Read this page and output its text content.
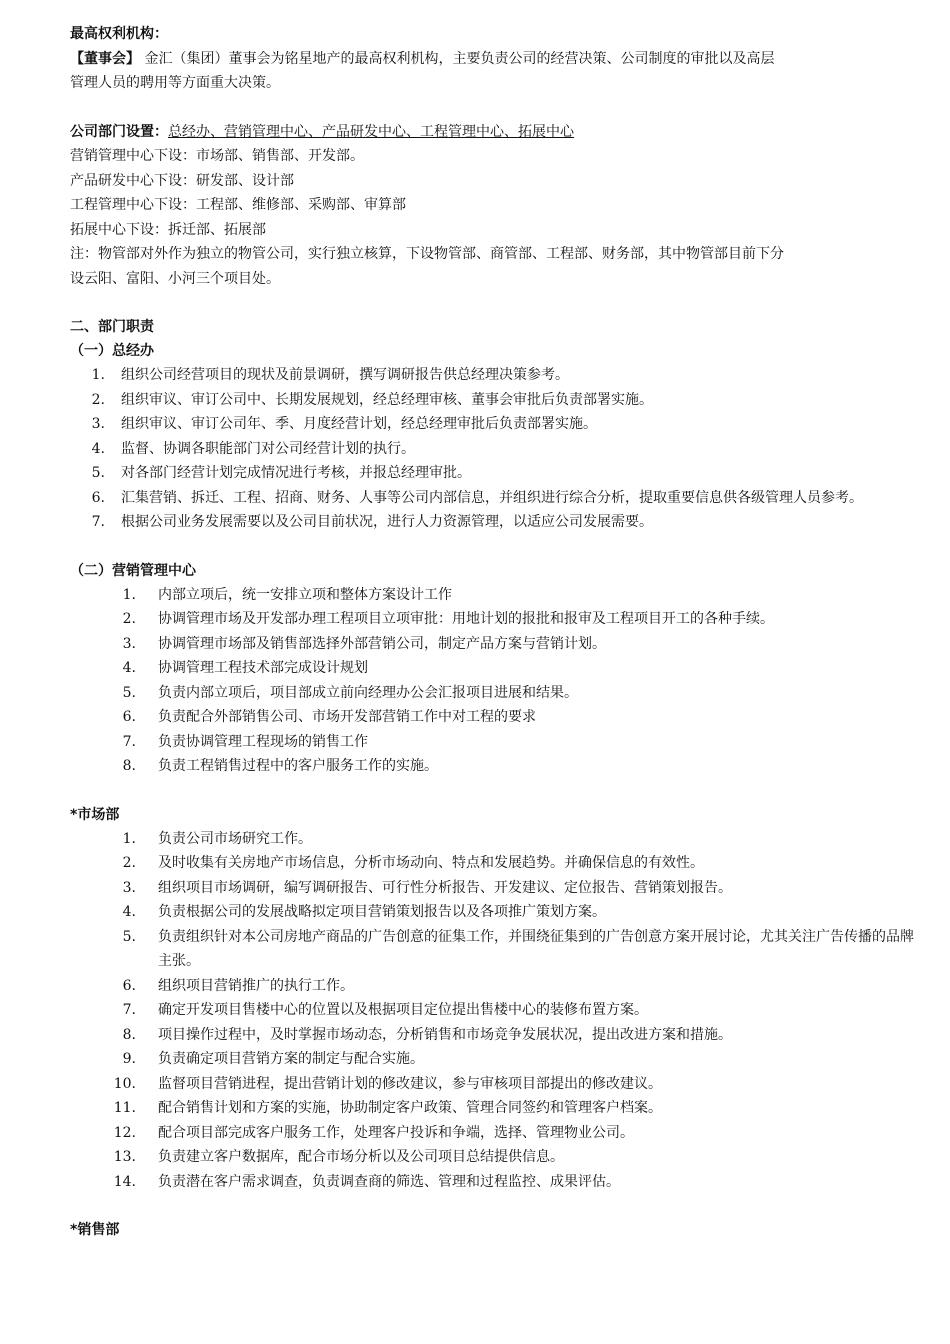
最高权利机构：
【董事会】 金汇（集团）董事会为铭星地产的最高权利机构，主要负责公司的经营决策、公司制度的审批以及高层
管理人员的聘用等方面重大决策。
公司部门设置：总经办、营销管理中心、产品研发中心、工程管理中心、拓展中心
营销管理中心下设：市场部、销售部、开发部。
产品研发中心下设：研发部、设计部
工程管理中心下设：工程部、维修部、采购部、审算部
拓展中心下设：拆迁部、拓展部
注：物管部对外作为独立的物管公司，实行独立核算，下设物管部、商管部、工程部、财务部，其中物管部目前下分
设云阳、富阳、小河三个项目处。
二、部门职责
（一）总经办
1.	组织公司经营项目的现状及前景调研，撰写调研报告供总经理决策参考。
2.	组织审议、审订公司中、长期发展规划，经总经理审核、董事会审批后负责部署实施。
3.	组织审议、审订公司年、季、月度经营计划，经总经理审批后负责部署实施。
4.	监督、协调各职能部门对公司经营计划的执行。
5.	对各部门经营计划完成情况进行考核，并报总经理审批。
6.	汇集营销、拆迁、工程、招商、财务、人事等公司内部信息，并组织进行综合分析，提取重要信息供各级管理人员参考。
7.	根据公司业务发展需要以及公司目前状况，进行人力资源管理，以适应公司发展需要。
（二）营销管理中心
1.	内部立项后，统一安排立项和整体方案设计工作
2.	协调管理市场及开发部办理工程项目立项审批：用地计划的报批和报审及工程项目开工的各种手续。
3.	协调管理市场部及销售部选择外部营销公司，制定产品方案与营销计划。
4.	协调管理工程技术部完成设计规划
5.	负责内部立项后，项目部成立前向经理办公会汇报项目进展和结果。
6.	负责配合外部销售公司、市场开发部营销工作中对工程的要求
7.	负责协调管理工程现场的销售工作
8.	负责工程销售过程中的客户服务工作的实施。
*市场部
1.	负责公司市场研究工作。
2.	及时收集有关房地产市场信息，分析市场动向、特点和发展趋势。并确保信息的有效性。
3.	组织项目市场调研，编写调研报告、可行性分析报告、开发建议、定位报告、营销策划报告。
4.	负责根据公司的发展战略拟定项目营销策划报告以及各项推广策划方案。
5.	负责组织针对本公司房地产商品的广告创意的征集工作，并围绕征集到的广告创意方案开展讨论，尤其关注广告传播的品牌主张。
6.	组织项目营销推广的执行工作。
7.	确定开发项目售楼中心的位置以及根据项目定位提出售楼中心的装修布置方案。
8.	项目操作过程中，及时掌握市场动态，分析销售和市场竞争发展状况，提出改进方案和措施。
9.	负责确定项目营销方案的制定与配合实施。
10.	监督项目营销进程，提出营销计划的修改建议，参与审核项目部提出的修改建议。
11.	配合销售计划和方案的实施，协助制定客户政策、管理合同签约和管理客户档案。
12.	配合项目部完成客户服务工作，处理客户投诉和争端，选择、管理物业公司。
13.	负责建立客户数据库，配合市场分析以及公司项目总结提供信息。
14.	负责潜在客户需求调查，负责调查商的筛选、管理和过程监控、成果评估。
*销售部
